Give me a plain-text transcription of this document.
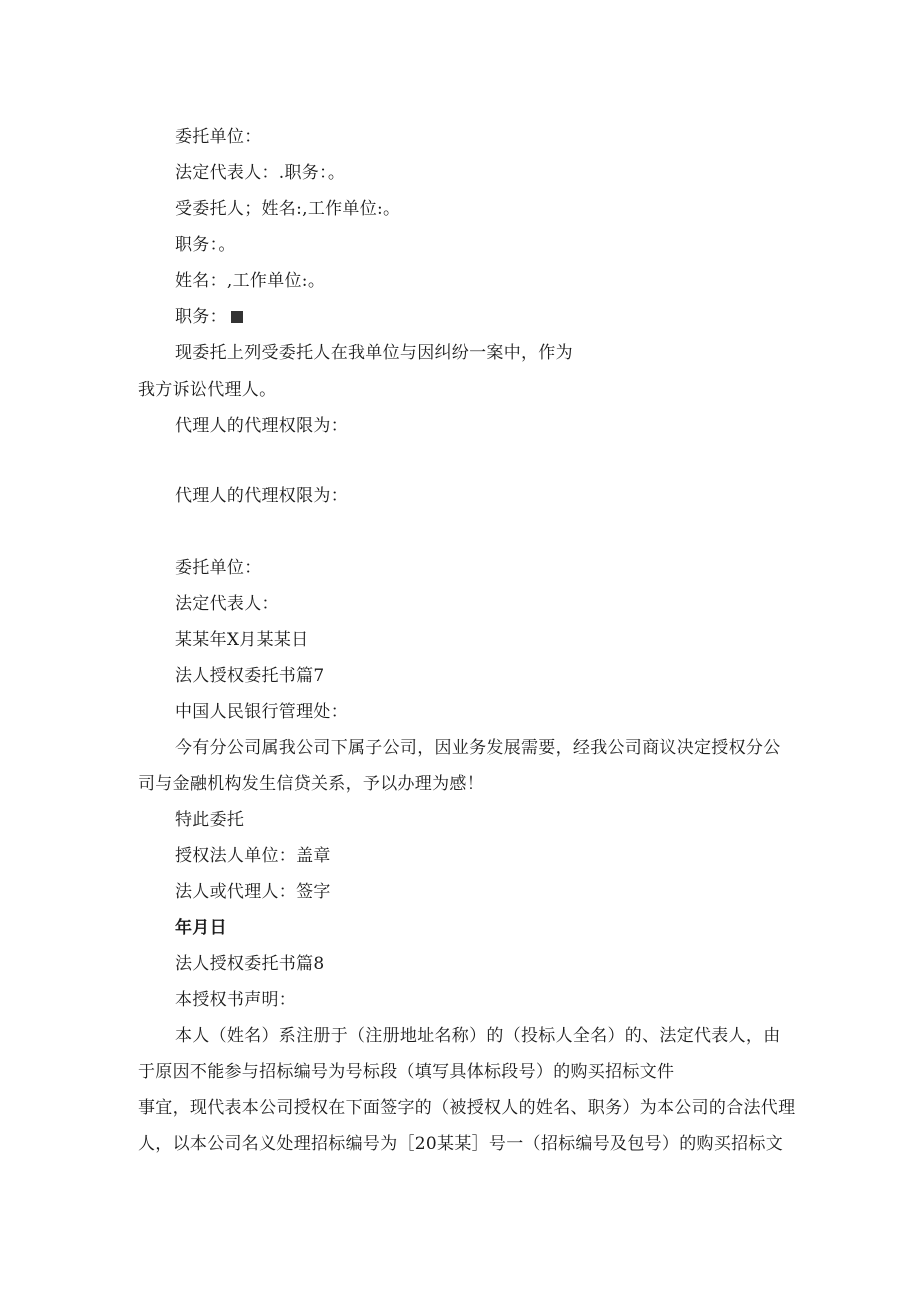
委托单位：
法定代表人：.职务：。
受委托人；姓名:,工作单位:。
职务：。
姓名：,工作单位:。
职务：
现委托上列受委托人在我单位与因纠纷一案中，作为
我方诉讼代理人。
代理人的代理权限为：
代理人的代理权限为：
委托单位：
法定代表人：
某某年X月某某日
法人授权委托书篇7
中国人民银行管理处：
今有分公司属我公司下属子公司，因业务发展需要，经我公司商议决定授权分公
司与金融机构发生信贷关系，予以办理为感！
特此委托
授权法人单位：盖章
法人或代理人：签字
年月日
法人授权委托书篇8
本授权书声明：
本人（姓名）系注册于（注册地址名称）的（投标人全名）的、法定代表人，由
于原因不能参与招标编号为号标段（填写具体标段号）的购买招标文件
事宜，现代表本公司授权在下面签字的（被授权人的姓名、职务）为本公司的合法代理
人，以本公司名义处理招标编号为［20某某］号一（招标编号及包号）的购买招标文
